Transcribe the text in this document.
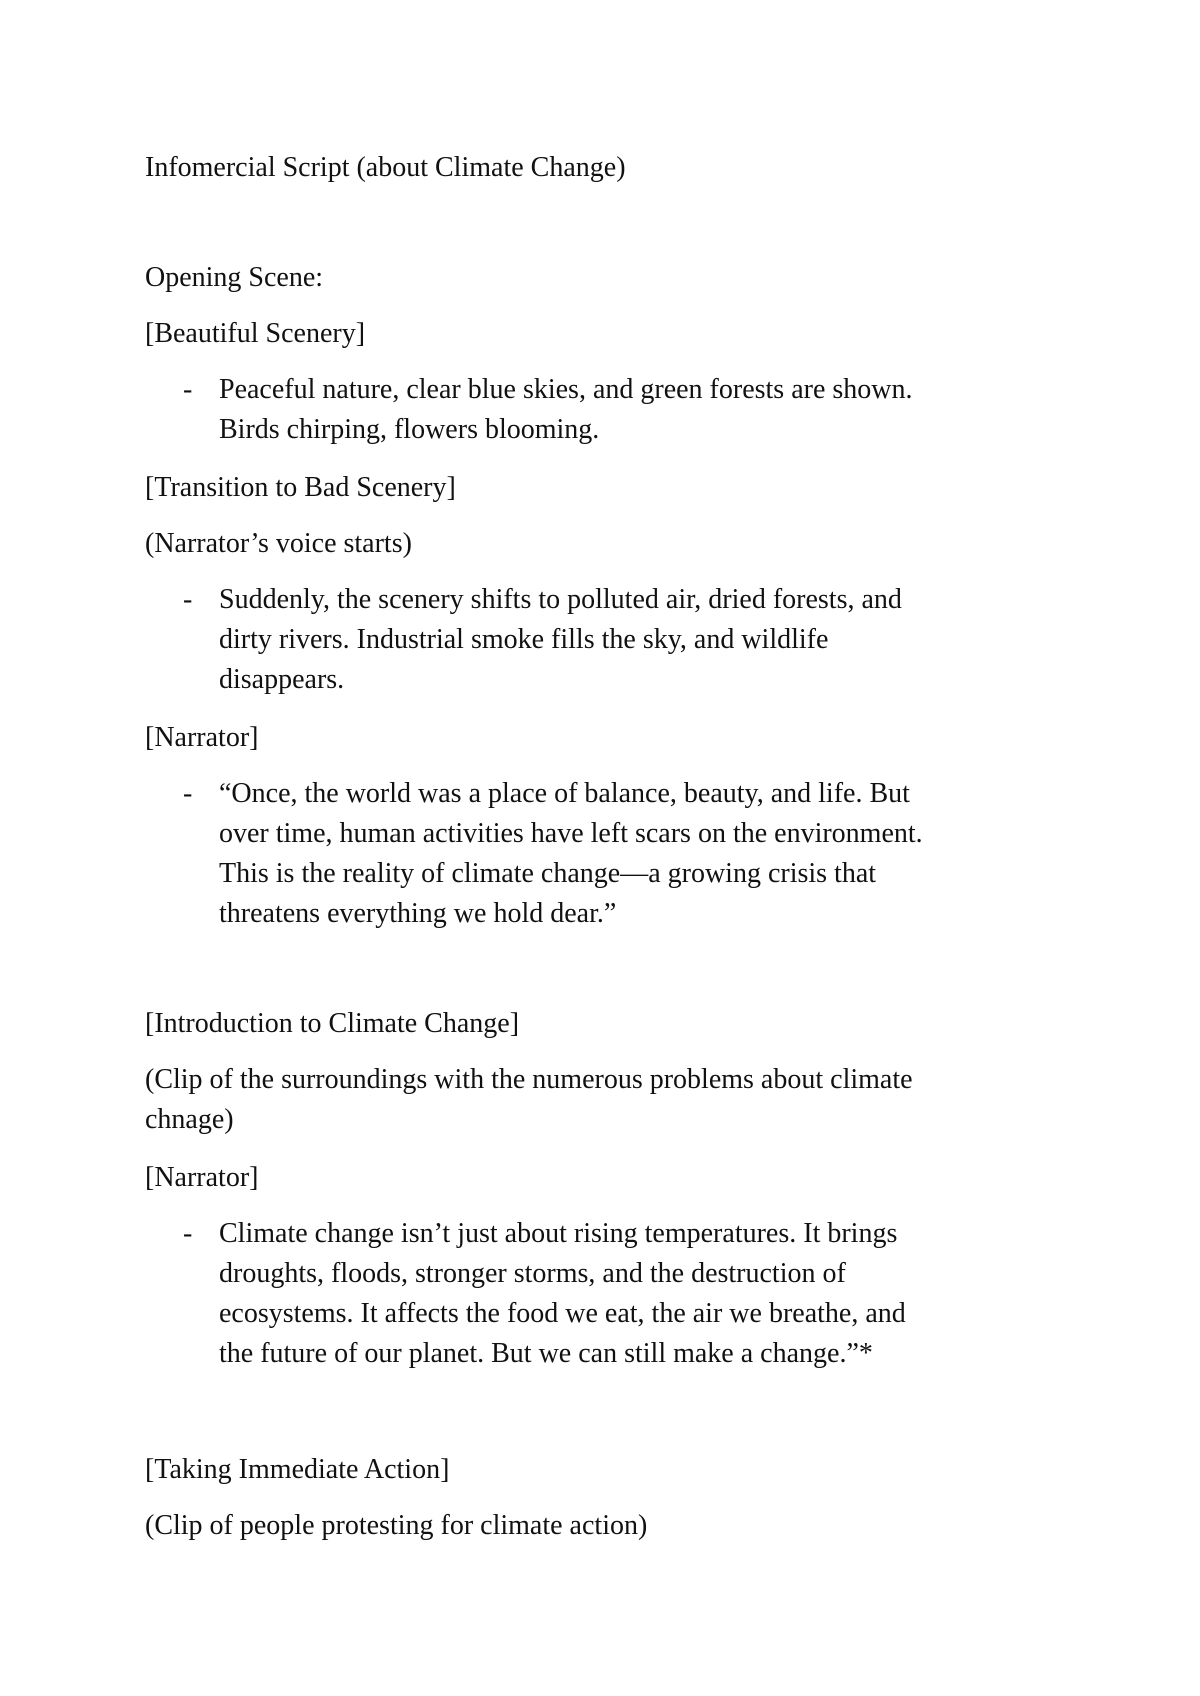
Infomercial Script (about Climate Change)
Opening Scene:
[Beautiful Scenery]
- Peaceful nature, clear blue skies, and green forests are shown.
Birds chirping, flowers blooming.
[Transition to Bad Scenery]
(Narrator’s voice starts)
- Suddenly, the scenery shifts to polluted air, dried forests, and
dirty rivers. Industrial smoke fills the sky, and wildlife
disappears.
[Narrator]
- “Once, the world was a place of balance, beauty, and life. But
over time, human activities have left scars on the environment.
This is the reality of climate change—a growing crisis that
threatens everything we hold dear.”
[Introduction to Climate Change]
(Clip of the surroundings with the numerous problems about climate
chnage)
[Narrator]
- Climate change isn’t just about rising temperatures. It brings
droughts, floods, stronger storms, and the destruction of
ecosystems. It affects the food we eat, the air we breathe, and
the future of our planet. But we can still make a change.”*
[Taking Immediate Action]
(Clip of people protesting for climate action)
